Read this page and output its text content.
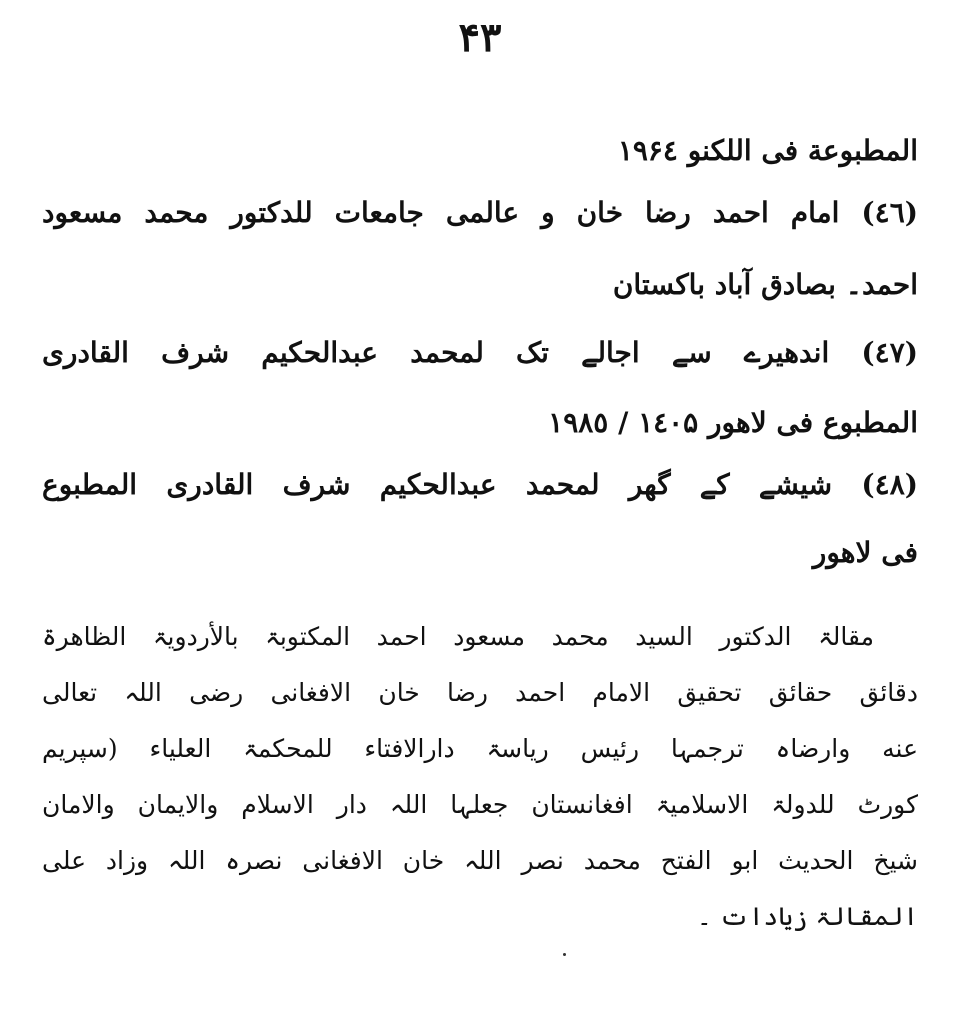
۴۳
المطبوعة فى اللكنو ۱۹۶٤
(٤٦) امام احمد رضا خان و عالمی جامعات للدکتور محمد مسعود
احمد۔ بصادق آباد باکستان
(٤٧) اندھیرے سے اجالے تک لمحمد عبدالحکیم شرف القادری
المطبوع فی لاھور ۱٤۰۵ / ۱۹۸٥
(٤٨) شیشے کے گھر لمحمد عبدالحکیم شرف القادری المطبوع
فی لاھور
مقالۃ الدکتور السید محمد مسعود احمد المکتوبۃ بالأردویۃ الظاهرۃ
دقائق حقائق تحقیق الامام احمد رضا خان الافغانی رضی اللہ تعالی
عنه وارضاہ ترجمہا رئیس ریاسۃ دارالافتاء للمحکمۃ العلیاء (سپریم
کورٹ للدولۃ الاسلامیۃ افغانستان جعلہا اللہ دار الاسلام والایمان والامان
شیخ الحدیث ابو الفتح محمد نصر اللہ خان الافغانی نصرہ اللہ وزاد علی
المقالۃ زیادات ۔
